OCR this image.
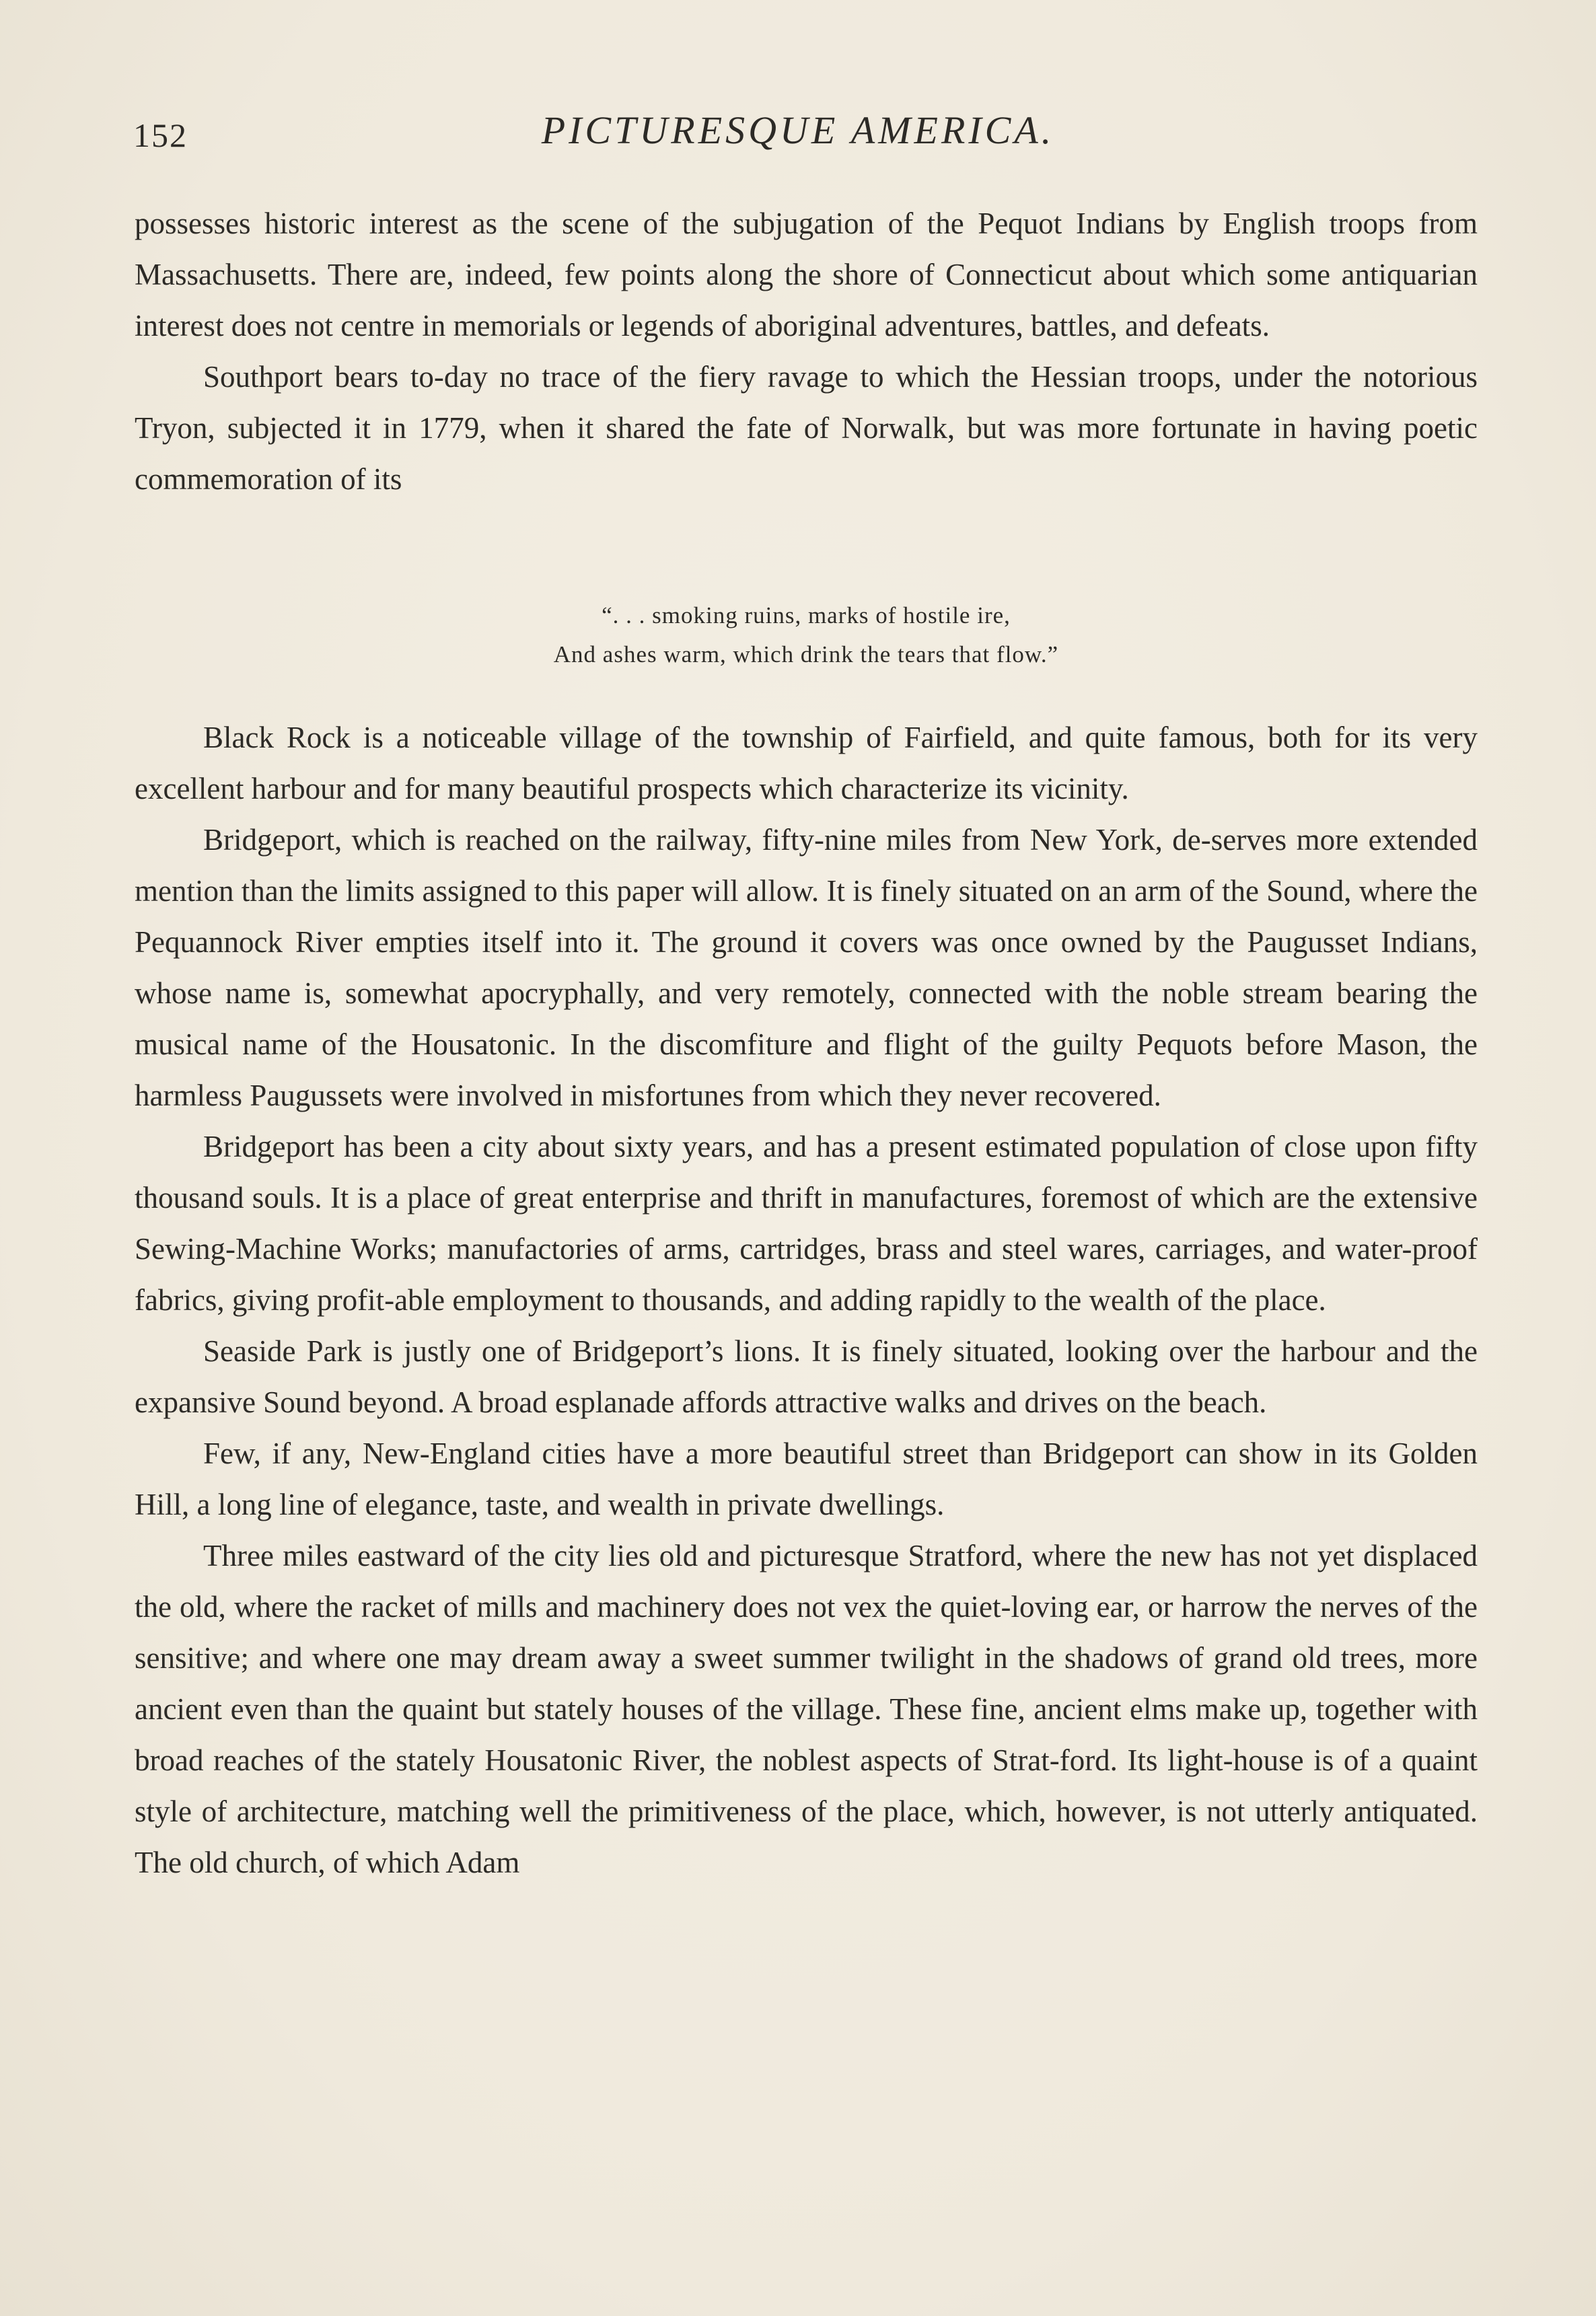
152	PICTURESQUE AMERICA.

possesses historic interest as the scene of the subjugation of the Pequot Indians by English troops from Massachusetts. There are, indeed, few points along the shore of Connecticut about which some antiquarian interest does not centre in memorials or legends of aboriginal adventures, battles, and defeats.

Southport bears to-day no trace of the fiery ravage to which the Hessian troops, under the notorious Tryon, subjected it in 1779, when it shared the fate of Norwalk, but was more fortunate in having poetic commemoration of its

“. . . smoking ruins, marks of hostile ire,
And ashes warm, which drink the tears that flow.”

Black Rock is a noticeable village of the township of Fairfield, and quite famous, both for its very excellent harbour and for many beautiful prospects which characterize its vicinity.

Bridgeport, which is reached on the railway, fifty-nine miles from New York, de-serves more extended mention than the limits assigned to this paper will allow. It is finely situated on an arm of the Sound, where the Pequannock River empties itself into it. The ground it covers was once owned by the Paugusset Indians, whose name is, somewhat apocryphally, and very remotely, connected with the noble stream bearing the musical name of the Housatonic. In the discomfiture and flight of the guilty Pequots before Mason, the harmless Paugussets were involved in misfortunes from which they never recovered.

Bridgeport has been a city about sixty years, and has a present estimated population of close upon fifty thousand souls. It is a place of great enterprise and thrift in manufactures, foremost of which are the extensive Sewing-Machine Works; manufactories of arms, cartridges, brass and steel wares, carriages, and water-proof fabrics, giving profit-able employment to thousands, and adding rapidly to the wealth of the place.

Seaside Park is justly one of Bridgeport’s lions. It is finely situated, looking over the harbour and the expansive Sound beyond. A broad esplanade affords attractive walks and drives on the beach.

Few, if any, New-England cities have a more beautiful street than Bridgeport can show in its Golden Hill, a long line of elegance, taste, and wealth in private dwellings.

Three miles eastward of the city lies old and picturesque Stratford, where the new has not yet displaced the old, where the racket of mills and machinery does not vex the quiet-loving ear, or harrow the nerves of the sensitive; and where one may dream away a sweet summer twilight in the shadows of grand old trees, more ancient even than the quaint but stately houses of the village. These fine, ancient elms make up, together with broad reaches of the stately Housatonic River, the noblest aspects of Strat-ford. Its light-house is of a quaint style of architecture, matching well the primitiveness of the place, which, however, is not utterly antiquated. The old church, of which Adam
